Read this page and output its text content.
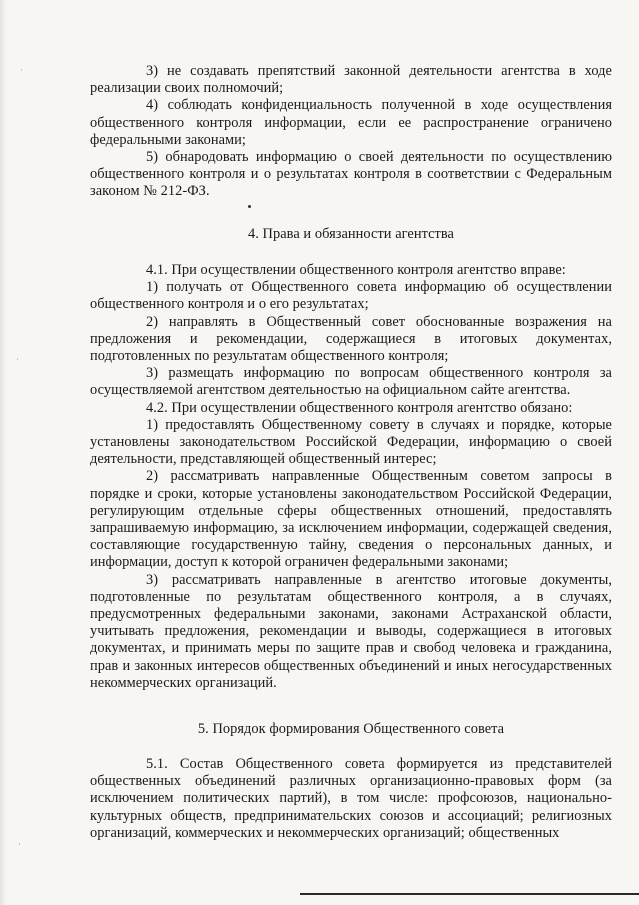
·
·
·

3) не создавать препятствий законной деятельности агентства в ходе реализации своих полномочий;

4) соблюдать конфиденциальность полученной в ходе осуществления общественного контроля информации, если ее распространение ограничено федеральными законами;

5) обнародовать информацию о своей деятельности по осуществлению общественного контроля и о результатах контроля в соответствии с Федеральным законом № 212-ФЗ.

4. Права и обязанности агентства

4.1. При осуществлении общественного контроля агентство вправе:

1) получать от Общественного совета информацию об осуществлении общественного контроля и о его результатах;

2) направлять в Общественный совет обоснованные возражения на предложения и рекомендации, содержащиеся в итоговых документах, подготовленных по результатам общественного контроля;

3) размещать информацию по вопросам общественного контроля за осуществляемой агентством деятельностью на официальном сайте агентства.

4.2. При осуществлении общественного контроля агентство обязано:

1) предоставлять Общественному совету в случаях и порядке, которые установлены законодательством Российской Федерации, информацию о своей деятельности, представляющей общественный интерес;

2) рассматривать направленные Общественным советом запросы в порядке и сроки, которые установлены законодательством Российской Федерации, регулирующим отдельные сферы общественных отношений, предоставлять запрашиваемую информацию, за исключением информации, содержащей сведения, составляющие государственную тайну, сведения о персональных данных, и информации, доступ к которой ограничен федеральными законами;

3) рассматривать направленные в агентство итоговые документы, подготовленные по результатам общественного контроля, а в случаях, предусмотренных федеральными законами, законами Астраханской области, учитывать предложения, рекомендации и выводы, содержащиеся в итоговых документах, и принимать меры по защите прав и свобод человека и гражданина, прав и законных интересов общественных объединений и иных негосударственных некоммерческих организаций.

5. Порядок формирования Общественного совета

5.1. Состав Общественного совета формируется из представителей общественных объединений различных организационно-правовых форм (за исключением политических партий), в том числе: профсоюзов, национально-культурных обществ, предпринимательских союзов и ассоциаций; религиозных организаций, коммерческих и некоммерческих организаций; общественных
